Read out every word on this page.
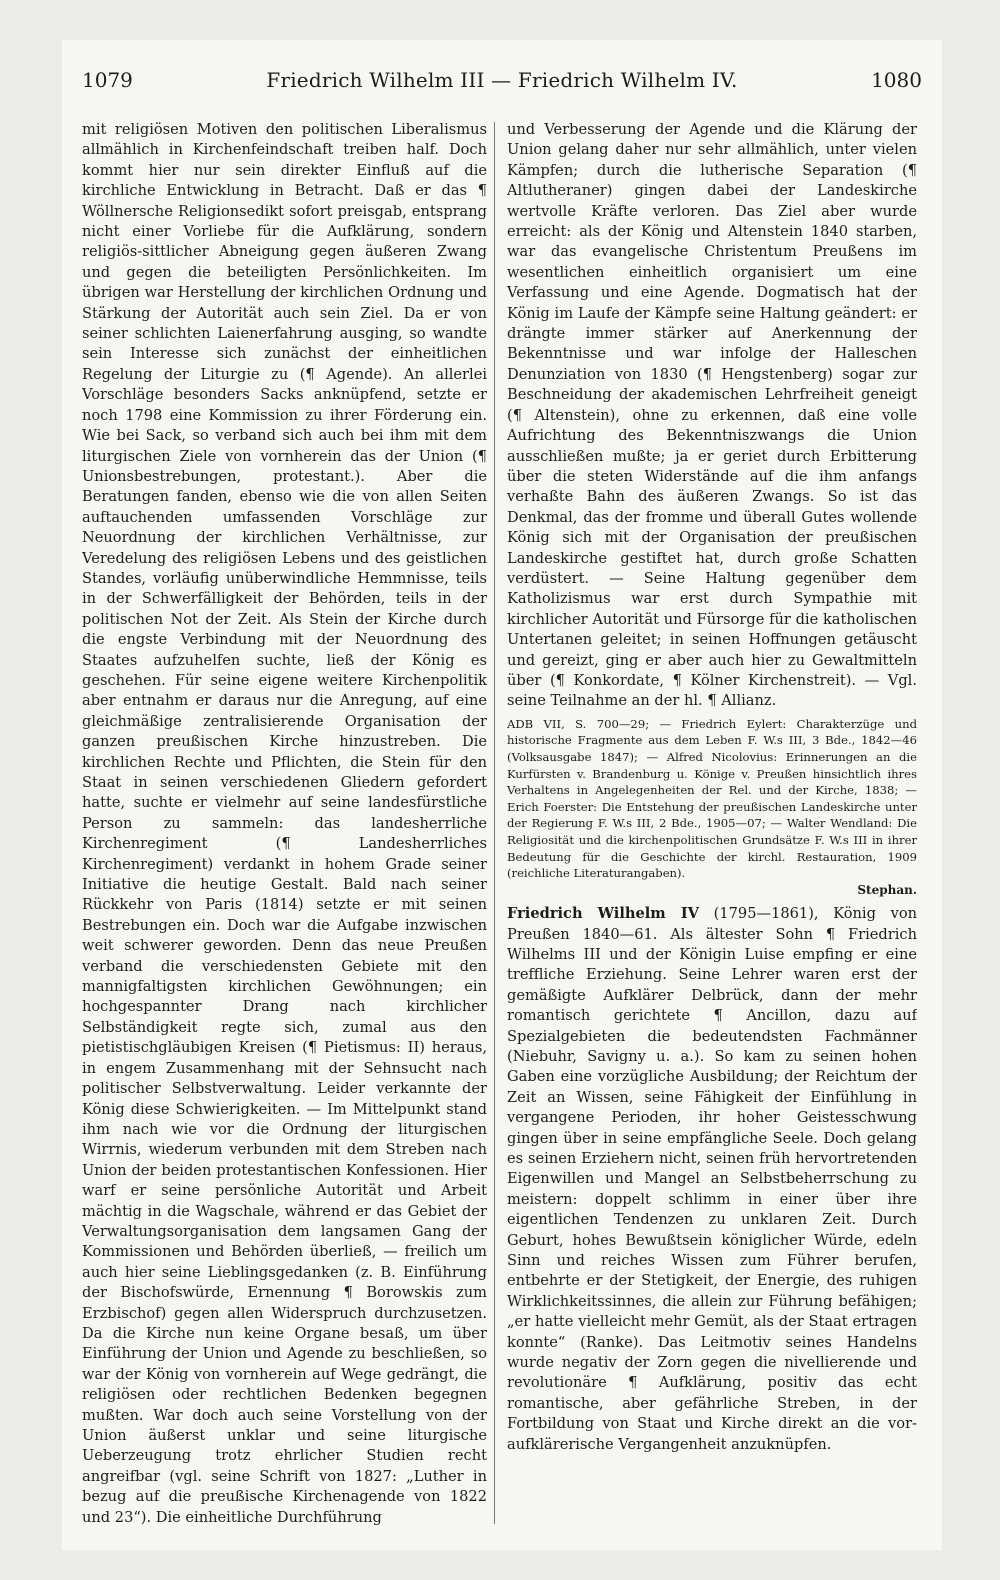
1079	Friedrich Wilhelm III — Friedrich Wilhelm IV.	1080

mit religiösen Motiven den politischen Liberalismus allmählich in Kirchenfeindschaft treiben half. Doch kommt hier nur sein direkter Einfluß auf die kirchliche Entwicklung in Betracht. Daß er das ¶ Wöllnersche Religionsedikt sofort preisgab, entsprang nicht einer Vorliebe für die Aufklärung, sondern religiös-sittlicher Abneigung gegen äußeren Zwang und gegen die beteiligten Persönlichkeiten. Im übrigen war Herstellung der kirchlichen Ordnung und Stärkung der Autorität auch sein Ziel. Da er von seiner schlichten Laienerfahrung ausging, so wandte sein Interesse sich zunächst der einheitlichen Regelung der Liturgie zu (¶ Agende). An allerlei Vorschläge besonders Sacks anknüpfend, setzte er noch 1798 eine Kommission zu ihrer Förderung ein. Wie bei Sack, so verband sich auch bei ihm mit dem liturgischen Ziele von vornherein das der Union (¶ Unionsbestrebungen, protestant.). Aber die Beratungen fanden, ebenso wie die von allen Seiten auftauchenden umfassenden Vorschläge zur Neuordnung der kirchlichen Verhältnisse, zur Veredelung des religiösen Lebens und des geistlichen Standes, vorläufig unüberwindliche Hemmnisse, teils in der Schwerfälligkeit der Behörden, teils in der politischen Not der Zeit. Als Stein der Kirche durch die engste Verbindung mit der Neuordnung des Staates aufzuhelfen suchte, ließ der König es geschehen. Für seine eigene weitere Kirchenpolitik aber entnahm er daraus nur die Anregung, auf eine gleichmäßige zentralisierende Organisation der ganzen preußischen Kirche hinzustreben. Die kirchlichen Rechte und Pflichten, die Stein für den Staat in seinen verschiedenen Gliedern gefordert hatte, suchte er vielmehr auf seine landesfürstliche Person zu sammeln: das landesherrliche Kirchenregiment (¶ Landesherrliches Kirchenregiment) verdankt in hohem Grade seiner Initiative die heutige Gestalt. Bald nach seiner Rückkehr von Paris (1814) setzte er mit seinen Bestrebungen ein. Doch war die Aufgabe inzwischen weit schwerer geworden. Denn das neue Preußen verband die verschiedensten Gebiete mit den mannigfaltigsten kirchlichen Gewöhnungen; ein hochgespannter Drang nach kirchlicher Selbständigkeit regte sich, zumal aus den pietistischgläubigen Kreisen (¶ Pietismus: II) heraus, in engem Zusammenhang mit der Sehnsucht nach politischer Selbstverwaltung. Leider verkannte der König diese Schwierigkeiten. — Im Mittelpunkt stand ihm nach wie vor die Ordnung der liturgischen Wirrnis, wiederum verbunden mit dem Streben nach Union der beiden protestantischen Konfessionen. Hier warf er seine persönliche Autorität und Arbeit mächtig in die Wagschale, während er das Gebiet der Verwaltungsorganisation dem langsamen Gang der Kommissionen und Behörden überließ, — freilich um auch hier seine Lieblingsgedanken (z. B. Einführung der Bischofswürde, Ernennung ¶ Borowskis zum Erzbischof) gegen allen Widerspruch durchzusetzen. Da die Kirche nun keine Organe besaß, um über Einführung der Union und Agende zu beschließen, so war der König von vornherein auf Wege gedrängt, die religiösen oder rechtlichen Bedenken begegnen mußten. War doch auch seine Vorstellung von der Union äußerst unklar und seine liturgische Ueberzeugung trotz ehrlicher Studien recht angreifbar (vgl. seine Schrift von 1827: „Luther in bezug auf die preußische Kirchenagende von 1822 und 23“). Die einheitliche Durchführung

und Verbesserung der Agende und die Klärung der Union gelang daher nur sehr allmählich, unter vielen Kämpfen; durch die lutherische Separation (¶ Altlutheraner) gingen dabei der Landeskirche wertvolle Kräfte verloren. Das Ziel aber wurde erreicht: als der König und Altenstein 1840 starben, war das evangelische Christentum Preußens im wesentlichen einheitlich organisiert um eine Verfassung und eine Agende. Dogmatisch hat der König im Laufe der Kämpfe seine Haltung geändert: er drängte immer stärker auf Anerkennung der Bekenntnisse und war infolge der Halleschen Denunziation von 1830 (¶ Hengstenberg) sogar zur Beschneidung der akademischen Lehrfreiheit geneigt (¶ Altenstein), ohne zu erkennen, daß eine volle Aufrichtung des Bekenntniszwangs die Union ausschließen mußte; ja er geriet durch Erbitterung über die steten Widerstände auf die ihm anfangs verhaßte Bahn des äußeren Zwangs. So ist das Denkmal, das der fromme und überall Gutes wollende König sich mit der Organisation der preußischen Landeskirche gestiftet hat, durch große Schatten verdüstert. — Seine Haltung gegenüber dem Katholizismus war erst durch Sympathie mit kirchlicher Autorität und Fürsorge für die katholischen Untertanen geleitet; in seinen Hoffnungen getäuscht und gereizt, ging er aber auch hier zu Gewaltmitteln über (¶ Konkordate, ¶ Kölner Kirchenstreit). — Vgl. seine Teilnahme an der hl. ¶ Allianz.

ADB VII, S. 700—29; — Friedrich Eylert: Charakterzüge und historische Fragmente aus dem Leben F. W.s III, 3 Bde., 1842—46 (Volksausgabe 1847); — Alfred Nicolovius: Erinnerungen an die Kurfürsten v. Brandenburg u. Könige v. Preußen hinsichtlich ihres Verhaltens in Angelegenheiten der Rel. und der Kirche, 1838; — Erich Foerster: Die Entstehung der preußischen Landeskirche unter der Regierung F. W.s III, 2 Bde., 1905—07; — Walter Wendland: Die Religiosität und die kirchenpolitischen Grundsätze F. W.s III in ihrer Bedeutung für die Geschichte der kirchl. Restauration, 1909 (reichliche Literaturangaben).

Stephan.

Friedrich Wilhelm IV (1795—1861), König von Preußen 1840—61. Als ältester Sohn ¶ Friedrich Wilhelms III und der Königin Luise empfing er eine treffliche Erziehung. Seine Lehrer waren erst der gemäßigte Aufklärer Delbrück, dann der mehr romantisch gerichtete ¶ Ancillon, dazu auf Spezialgebieten die bedeutendsten Fachmänner (Niebuhr, Savigny u. a.). So kam zu seinen hohen Gaben eine vorzügliche Ausbildung; der Reichtum der Zeit an Wissen, seine Fähigkeit der Einfühlung in vergangene Perioden, ihr hoher Geistesschwung gingen über in seine empfängliche Seele. Doch gelang es seinen Erziehern nicht, seinen früh hervortretenden Eigenwillen und Mangel an Selbstbeherrschung zu meistern: doppelt schlimm in einer über ihre eigentlichen Tendenzen zu unklaren Zeit. Durch Geburt, hohes Bewußtsein königlicher Würde, edeln Sinn und reiches Wissen zum Führer berufen, entbehrte er der Stetigkeit, der Energie, des ruhigen Wirklichkeitssinnes, die allein zur Führung befähigen; „er hatte vielleicht mehr Gemüt, als der Staat ertragen konnte“ (Ranke). Das Leitmotiv seines Handelns wurde negativ der Zorn gegen die nivellierende und revolutionäre ¶ Aufklärung, positiv das echt romantische, aber gefährliche Streben, in der Fortbildung von Staat und Kirche direkt an die vor-aufklärerische Vergangenheit anzuknüpfen.
